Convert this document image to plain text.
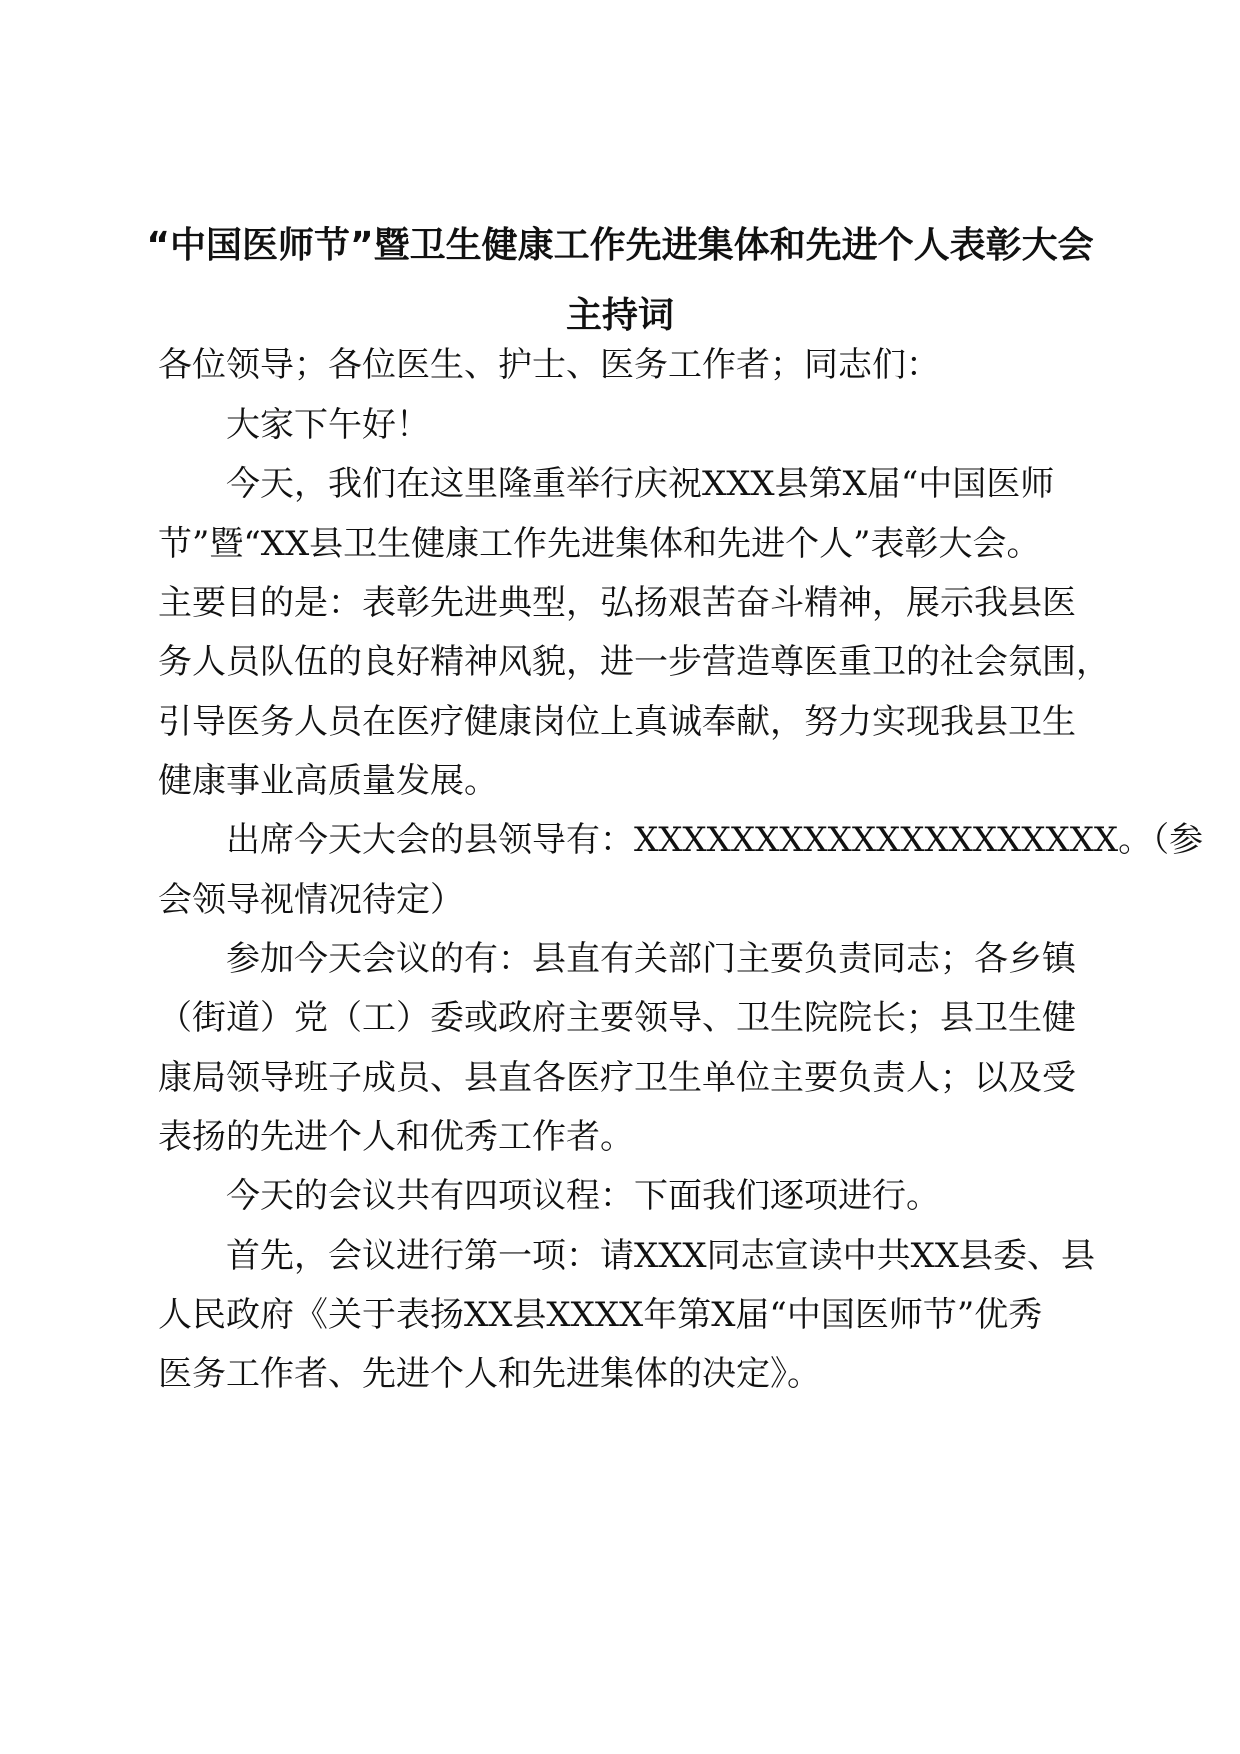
“中国医师节”暨卫生健康工作先进集体和先进个人表彰大会
主持词
各位领导；各位医生、护士、医务工作者；同志们：
大家下午好！
今天，我们在这里隆重举行庆祝XXX县第X届“中国医师
节”暨“XX县卫生健康工作先进集体和先进个人”表彰大会。
主要目的是：表彰先进典型，弘扬艰苦奋斗精神，展示我县医
务人员队伍的良好精神风貌，进一步营造尊医重卫的社会氛围，
引导医务人员在医疗健康岗位上真诚奉献，努力实现我县卫生
健康事业高质量发展。
出席今天大会的县领导有：XXXXXXXXXXXXXXXXXXXX。（参
会领导视情况待定）
参加今天会议的有：县直有关部门主要负责同志；各乡镇
（街道）党（工）委或政府主要领导、卫生院院长；县卫生健
康局领导班子成员、县直各医疗卫生单位主要负责人；以及受
表扬的先进个人和优秀工作者。
今天的会议共有四项议程：下面我们逐项进行。
首先，会议进行第一项：请XXX同志宣读中共XX县委、县
人民政府《关于表扬XX县XXXX年第X届“中国医师节”优秀
医务工作者、先进个人和先进集体的决定》。
